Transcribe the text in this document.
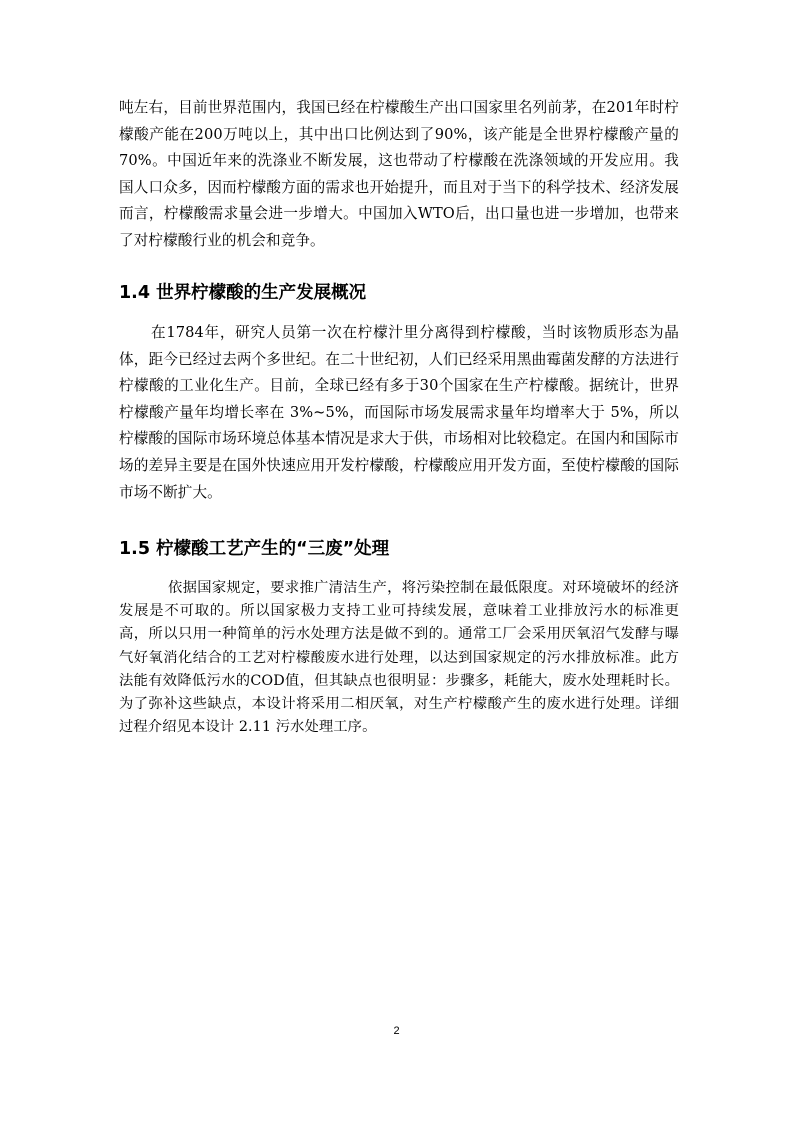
吨左右，目前世界范围内，我国已经在柠檬酸生产出口国家里名列前茅，在201年时柠檬酸产能在200万吨以上，其中出口比例达到了90%，该产能是全世界柠檬酸产量的70%。中国近年来的洗涤业不断发展，这也带动了柠檬酸在洗涤领域的开发应用。我国人口众多，因而柠檬酸方面的需求也开始提升，而且对于当下的科学技术、经济发展而言，柠檬酸需求量会进一步增大。中国加入WTO后，出口量也进一步增加，也带来了对柠檬酸行业的机会和竞争。

1.4 世界柠檬酸的生产发展概况

在1784年，研究人员第一次在柠檬汁里分离得到柠檬酸，当时该物质形态为晶体，距今已经过去两个多世纪。在二十世纪初，人们已经采用黑曲霉菌发酵的方法进行柠檬酸的工业化生产。目前，全球已经有多于30个国家在生产柠檬酸。据统计，世界柠檬酸产量年均增长率在 3%~5%，而国际市场发展需求量年均增率大于 5%，所以柠檬酸的国际市场环境总体基本情况是求大于供，市场相对比较稳定。在国内和国际市场的差异主要是在国外快速应用开发柠檬酸，柠檬酸应用开发方面，至使柠檬酸的国际市场不断扩大。

1.5 柠檬酸工艺产生的“三废”处理

依据国家规定，要求推广清洁生产，将污染控制在最低限度。对环境破坏的经济发展是不可取的。所以国家极力支持工业可持续发展，意味着工业排放污水的标准更高，所以只用一种简单的污水处理方法是做不到的。通常工厂会采用厌氧沼气发酵与曝气好氧消化结合的工艺对柠檬酸废水进行处理，以达到国家规定的污水排放标准。此方法能有效降低污水的COD值，但其缺点也很明显：步骤多，耗能大，废水处理耗时长。为了弥补这些缺点，本设计将采用二相厌氧，对生产柠檬酸产生的废水进行处理。详细过程介绍见本设计 2.11 污水处理工序。

2
